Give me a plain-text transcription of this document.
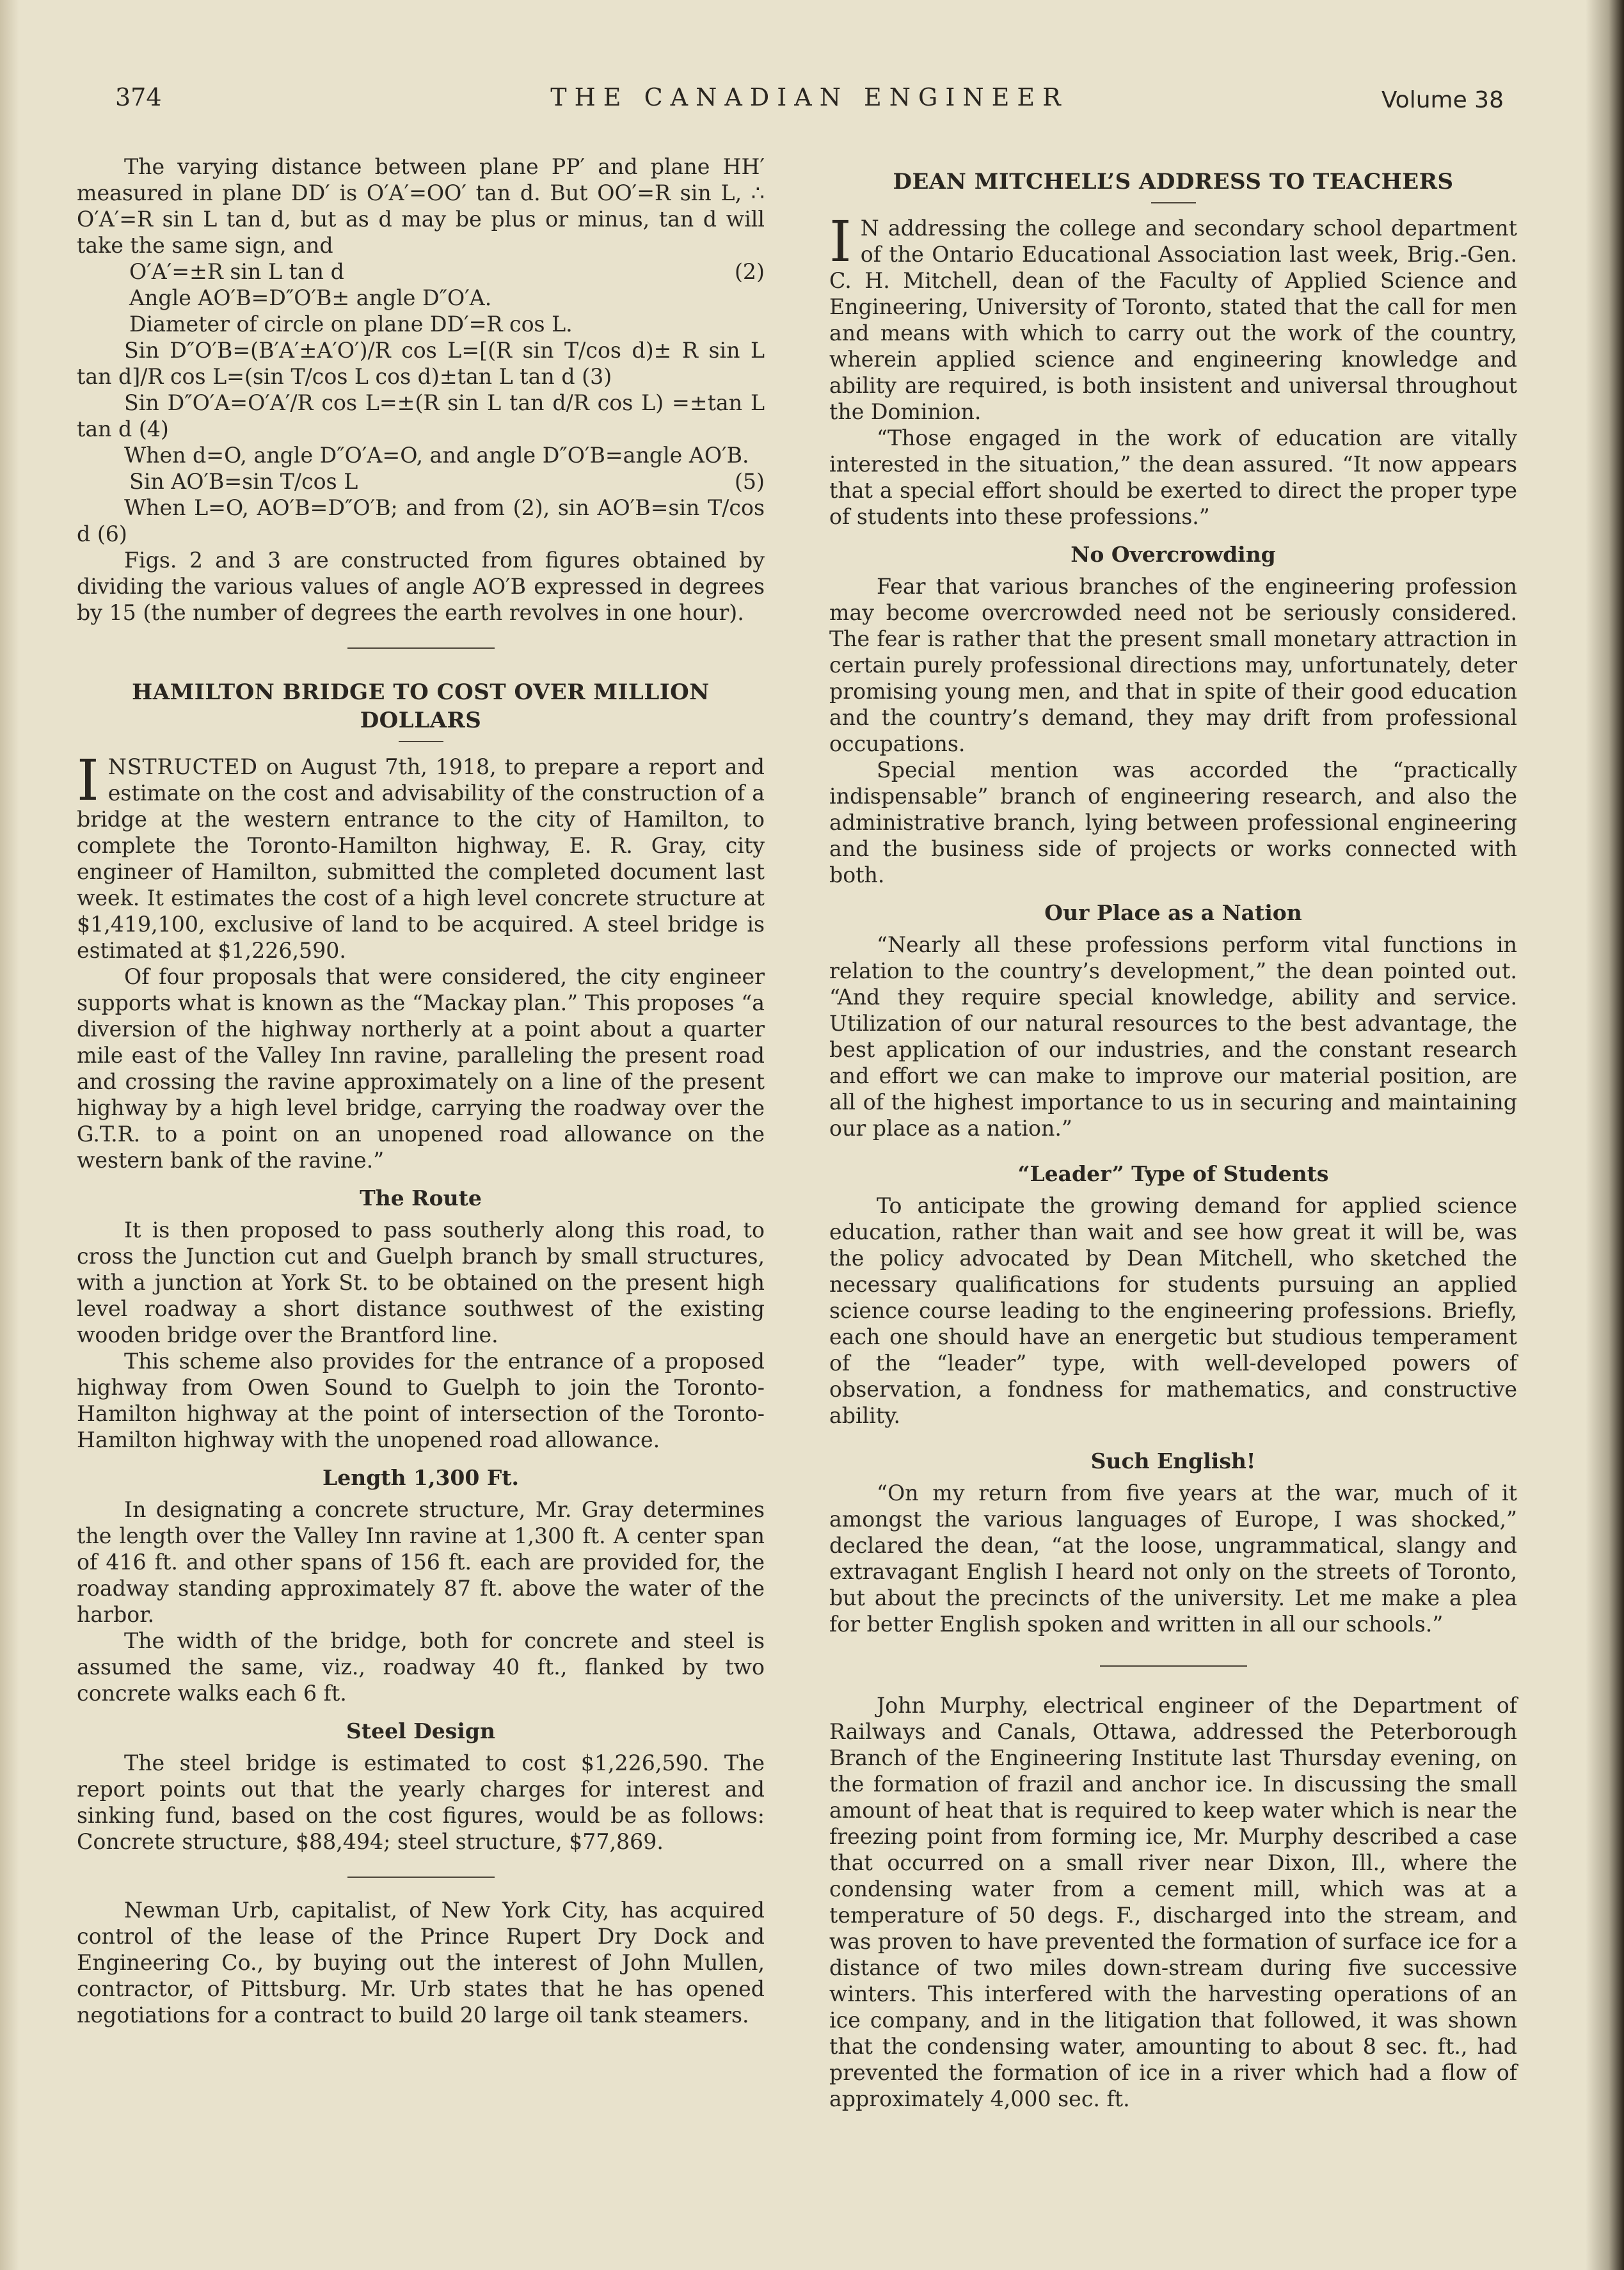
374	THE CANADIAN ENGINEER	Volume 38

The varying distance between plane PP′ and plane HH′ measured in plane DD′ is O′A′=OO′ tan d. But OO′=R sin L, ∴ O′A′=R sin L tan d, but as d may be plus or minus, tan d will take the same sign, and

O′A′=±R sin L tan d	(2)

Angle AO′B=D″O′B± angle D″O′A.

Diameter of circle on plane DD′=R cos L.

Sin D″O′B=(B′A′±A′O′)/R cos L=[(R sin T/cos d)± R sin L tan d]/R cos L=(sin T/cos L cos d)±tan L tan d (3)

Sin D″O′A=O′A′/R cos L=±(R sin L tan d/R cos L) =±tan L tan d (4)

When d=O, angle D″O′A=O, and angle D″O′B=angle AO′B.

Sin AO′B=sin T/cos L	(5)

When L=O, AO′B=D″O′B; and from (2), sin AO′B=sin T/cos d (6)

Figs. 2 and 3 are constructed from figures obtained by dividing the various values of angle AO′B expressed in degrees by 15 (the number of degrees the earth revolves in one hour).

HAMILTON BRIDGE TO COST OVER MILLION DOLLARS

INSTRUCTED on August 7th, 1918, to prepare a report and estimate on the cost and advisability of the construction of a bridge at the western entrance to the city of Hamilton, to complete the Toronto-Hamilton highway, E. R. Gray, city engineer of Hamilton, submitted the completed document last week. It estimates the cost of a high level concrete structure at $1,419,100, exclusive of land to be acquired. A steel bridge is estimated at $1,226,590.

Of four proposals that were considered, the city engineer supports what is known as the “Mackay plan.” This proposes “a diversion of the highway northerly at a point about a quarter mile east of the Valley Inn ravine, paralleling the present road and crossing the ravine approximately on a line of the present highway by a high level bridge, carrying the roadway over the G.T.R. to a point on an unopened road allowance on the western bank of the ravine.”

The Route

It is then proposed to pass southerly along this road, to cross the Junction cut and Guelph branch by small structures, with a junction at York St. to be obtained on the present high level roadway a short distance southwest of the existing wooden bridge over the Brantford line.

This scheme also provides for the entrance of a proposed highway from Owen Sound to Guelph to join the Toronto-Hamilton highway at the point of intersection of the Toronto-Hamilton highway with the unopened road allowance.

Length 1,300 Ft.

In designating a concrete structure, Mr. Gray determines the length over the Valley Inn ravine at 1,300 ft. A center span of 416 ft. and other spans of 156 ft. each are provided for, the roadway standing approximately 87 ft. above the water of the harbor.

The width of the bridge, both for concrete and steel is assumed the same, viz., roadway 40 ft., flanked by two concrete walks each 6 ft.

Steel Design

The steel bridge is estimated to cost $1,226,590. The report points out that the yearly charges for interest and sinking fund, based on the cost figures, would be as follows: Concrete structure, $88,494; steel structure, $77,869.

Newman Urb, capitalist, of New York City, has acquired control of the lease of the Prince Rupert Dry Dock and Engineering Co., by buying out the interest of John Mullen, contractor, of Pittsburg. Mr. Urb states that he has opened negotiations for a contract to build 20 large oil tank steamers.

DEAN MITCHELL’S ADDRESS TO TEACHERS

I N addressing the college and secondary school department of the Ontario Educational Association last week, Brig.-Gen. C. H. Mitchell, dean of the Faculty of Applied Science and Engineering, University of Toronto, stated that the call for men and means with which to carry out the work of the country, wherein applied science and engineering knowledge and ability are required, is both insistent and universal throughout the Dominion.

“Those engaged in the work of education are vitally interested in the situation,” the dean assured. “It now appears that a special effort should be exerted to direct the proper type of students into these professions.”

No Overcrowding

Fear that various branches of the engineering profession may become overcrowded need not be seriously considered. The fear is rather that the present small monetary attraction in certain purely professional directions may, unfortunately, deter promising young men, and that in spite of their good education and the country’s demand, they may drift from professional occupations.

Special mention was accorded the “practically indispensable” branch of engineering research, and also the administrative branch, lying between professional engineering and the business side of projects or works connected with both.

Our Place as a Nation

“Nearly all these professions perform vital functions in relation to the country’s development,” the dean pointed out. “And they require special knowledge, ability and service. Utilization of our natural resources to the best advantage, the best application of our industries, and the constant research and effort we can make to improve our material position, are all of the highest importance to us in securing and maintaining our place as a nation.”

“Leader” Type of Students

To anticipate the growing demand for applied science education, rather than wait and see how great it will be, was the policy advocated by Dean Mitchell, who sketched the necessary qualifications for students pursuing an applied science course leading to the engineering professions. Briefly, each one should have an energetic but studious temperament of the “leader” type, with well-developed powers of observation, a fondness for mathematics, and constructive ability.

Such English!

“On my return from five years at the war, much of it amongst the various languages of Europe, I was shocked,” declared the dean, “at the loose, ungrammatical, slangy and extravagant English I heard not only on the streets of Toronto, but about the precincts of the university. Let me make a plea for better English spoken and written in all our schools.”

John Murphy, electrical engineer of the Department of Railways and Canals, Ottawa, addressed the Peterborough Branch of the Engineering Institute last Thursday evening, on the formation of frazil and anchor ice. In discussing the small amount of heat that is required to keep water which is near the freezing point from forming ice, Mr. Murphy described a case that occurred on a small river near Dixon, Ill., where the condensing water from a cement mill, which was at a temperature of 50 degs. F., discharged into the stream, and was proven to have prevented the formation of surface ice for a distance of two miles down-stream during five successive winters. This interfered with the harvesting operations of an ice company, and in the litigation that followed, it was shown that the condensing water, amounting to about 8 sec. ft., had prevented the formation of ice in a river which had a flow of approximately 4,000 sec. ft.
